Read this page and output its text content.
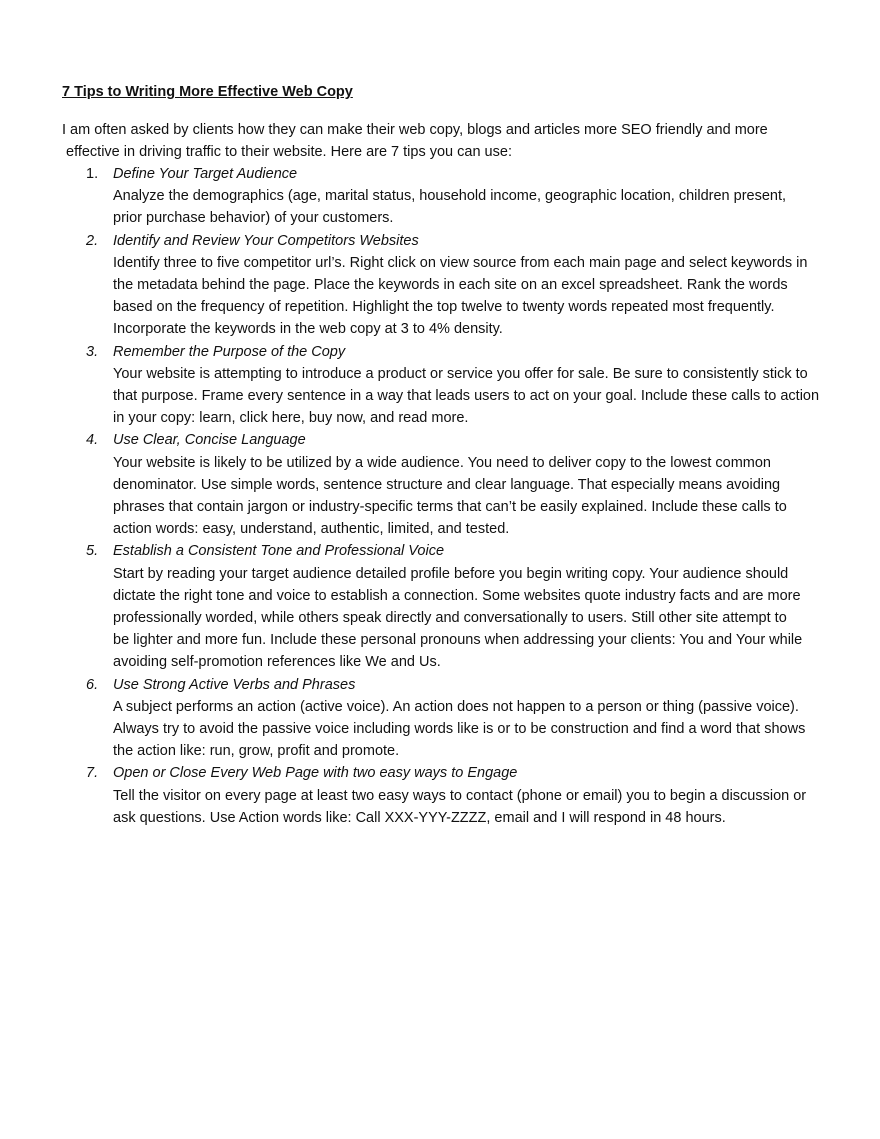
7 Tips to Writing More Effective Web Copy
I am often asked by clients how they can make their web copy, blogs and articles more SEO friendly and more
effective in driving traffic to their website. Here are 7 tips you can use:
1. Define Your Target Audience
Analyze the demographics (age, marital status, household income, geographic location, children present,
prior purchase behavior) of your customers.
2. Identify and Review Your Competitors Websites
Identify three to five competitor url’s. Right click on view source from each main page and select keywords in
the metadata behind the page. Place the keywords in each site on an excel spreadsheet. Rank the words
based on the frequency of repetition. Highlight the top twelve to twenty words repeated most frequently.
Incorporate the keywords in the web copy at 3 to 4% density.
3. Remember the Purpose of the Copy
Your website is attempting to introduce a product or service you offer for sale. Be sure to consistently stick to
that purpose. Frame every sentence in a way that leads users to act on your goal. Include these calls to action
in your copy: learn, click here, buy now, and read more.
4. Use Clear, Concise Language
Your website is likely to be utilized by a wide audience. You need to deliver copy to the lowest common
denominator. Use simple words, sentence structure and clear language. That especially means avoiding
phrases that contain jargon or industry-specific terms that can’t be easily explained. Include these calls to
action words: easy, understand, authentic, limited, and tested.
5. Establish a Consistent Tone and Professional Voice
Start by reading your target audience detailed profile before you begin writing copy. Your audience should
dictate the right tone and voice to establish a connection. Some websites quote industry facts and are more
professionally worded, while others speak directly and conversationally to users. Still other site attempt to
be lighter and more fun. Include these personal pronouns when addressing your clients: You and Your while
avoiding self-promotion references like We and Us.
6. Use Strong Active Verbs and Phrases
A subject performs an action (active voice). An action does not happen to a person or thing (passive voice).
Always try to avoid the passive voice including words like is or to be construction and find a word that shows
the action like: run, grow, profit and promote.
7. Open or Close Every Web Page with two easy ways to Engage
Tell the visitor on every page at least two easy ways to contact (phone or email) you to begin a discussion or
ask questions. Use Action words like: Call XXX-YYY-ZZZZ, email and I will respond in 48 hours.
